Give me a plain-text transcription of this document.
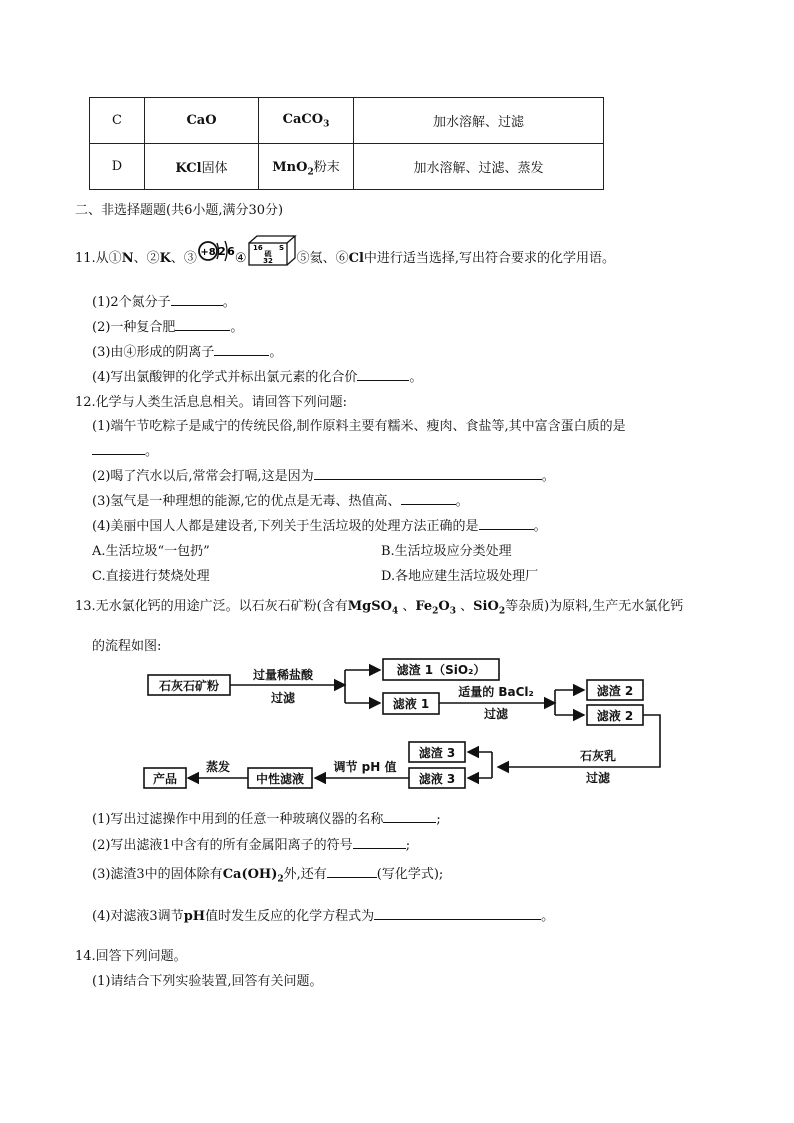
C	CaO	CaCO$_3$	加水溶解、过滤
D	KCl固体	MnO$_2$粉末	加水溶解、过滤、蒸发
二、非选择题题(共6小题,满分30分)
11.从①N、②K、③ +8 2 6 ④
16 S
硫
32 ⑤氦、⑥Cl中进行适当选择,写出符合要求的化学用语。
(1)2个氮分子	。
(2)一种复合肥	。
(3)由④形成的阴离子	。
(4)写出氯酸钾的化学式并标出氯元素的化合价	。
12.化学与人类生活息息相关。请回答下列问题:
(1)端午节吃粽子是咸宁的传统民俗,制作原料主要有糯米、瘦肉、食盐等,其中富含蛋白质的是
。
(2)喝了汽水以后,常常会打嗝,这是因为	。
(3)氢气是一种理想的能源,它的优点是无毒、热值高、	。
(4)美丽中国人人都是建设者,下列关于生活垃圾的处理方法正确的是	。
A.生活垃圾“一包扔”	B.生活垃圾应分类处理
C.直接进行焚烧处理	D.各地应建生活垃圾处理厂
13.无水氯化钙的用途广泛。以石灰石矿粉(含有MgSO$_4$ 、$Fe_2O_3$ 、SiO$_2$等杂质)为原料,生产无水氯化钙
的流程如图:
石灰石矿粉
过量稀盐酸
过滤
滤渣 1（SiO₂）
滤液 1
适量的 BaCl₂
过滤
滤渣 2
滤液 2
石灰乳
过滤
滤渣 3
滤液 3
调节 pH 值
中性滤液
蒸发
产品
(1)写出过滤操作中用到的任意一种玻璃仪器的名称	;
(2)写出滤液1中含有的所有金属阳离子的符号	;
(3)滤渣3中的固体除有$Ca(OH)_2$外,还有	(写化学式);
(4)对滤液3调节pH值时发生反应的化学方程式为	。
14.回答下列问题。
(1)请结合下列实验装置,回答有关问题。
